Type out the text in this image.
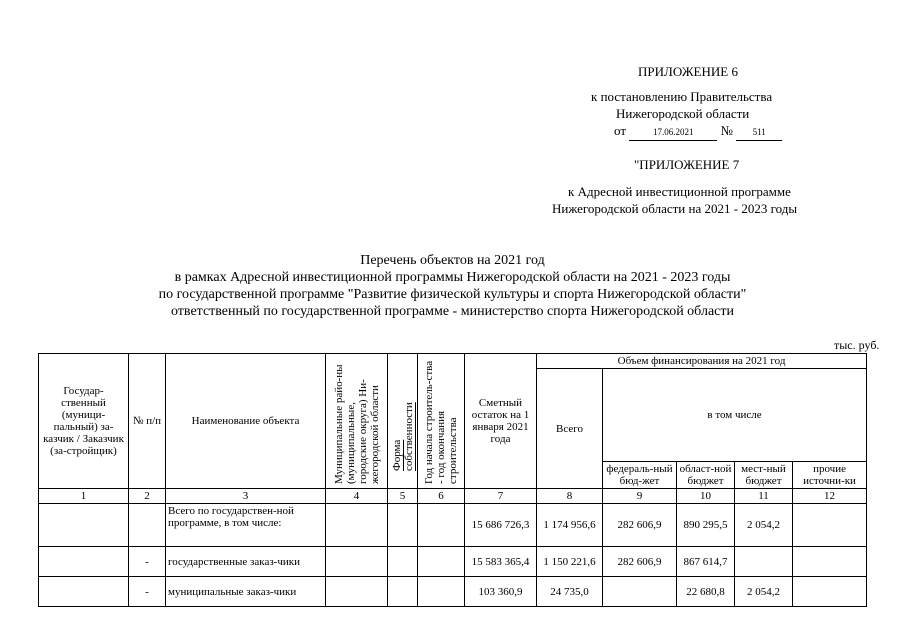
ПРИЛОЖЕНИЕ 6
к постановлению Правительства
Нижегородской области
от	17.06.2021 № 511
"ПРИЛОЖЕНИЕ 7
к Адресной инвестиционной программе
Нижегородской области на 2021 - 2023 годы
Перечень объектов на 2021 год
в рамках Адресной инвестиционной программы Нижегородской области на 2021 - 2023 годы
по государственной программе "Развитие физической культуры и спорта Нижегородской области"
ответственный по государственной программе - министерство спорта Нижегородской области
тыс. руб.
Государ-ственный (муници-пальный) за-казчик / Заказчик (за-стройщик)	№ п/п	Наименование объекта	Муниципальные райо-ны (муниципальные, городские округа) Ни-жегородской области	Форма собственности	Год начала строитель-ства - год окончания строительства	Сметный остаток на 1 января 2021 года	Объем финансирования на 2021 год				
							Всего	в том числе			
								федераль-ный бюд-жет	област-ной бюджет	мест-ный бюджет	прочие источни-ки
1	2	3	4	5	6	7	8	9	10	11	12
		Всего по государствен-ной программе, в том числе:				15 686 726,3	1 174 956,6	282 606,9	890 295,5	2 054,2	
	-	государственные заказ-чики				15 583 365,4	1 150 221,6	282 606,9	867 614,7		
	-	муниципальные заказ-чики				103 360,9	24 735,0		22 680,8	2 054,2	
